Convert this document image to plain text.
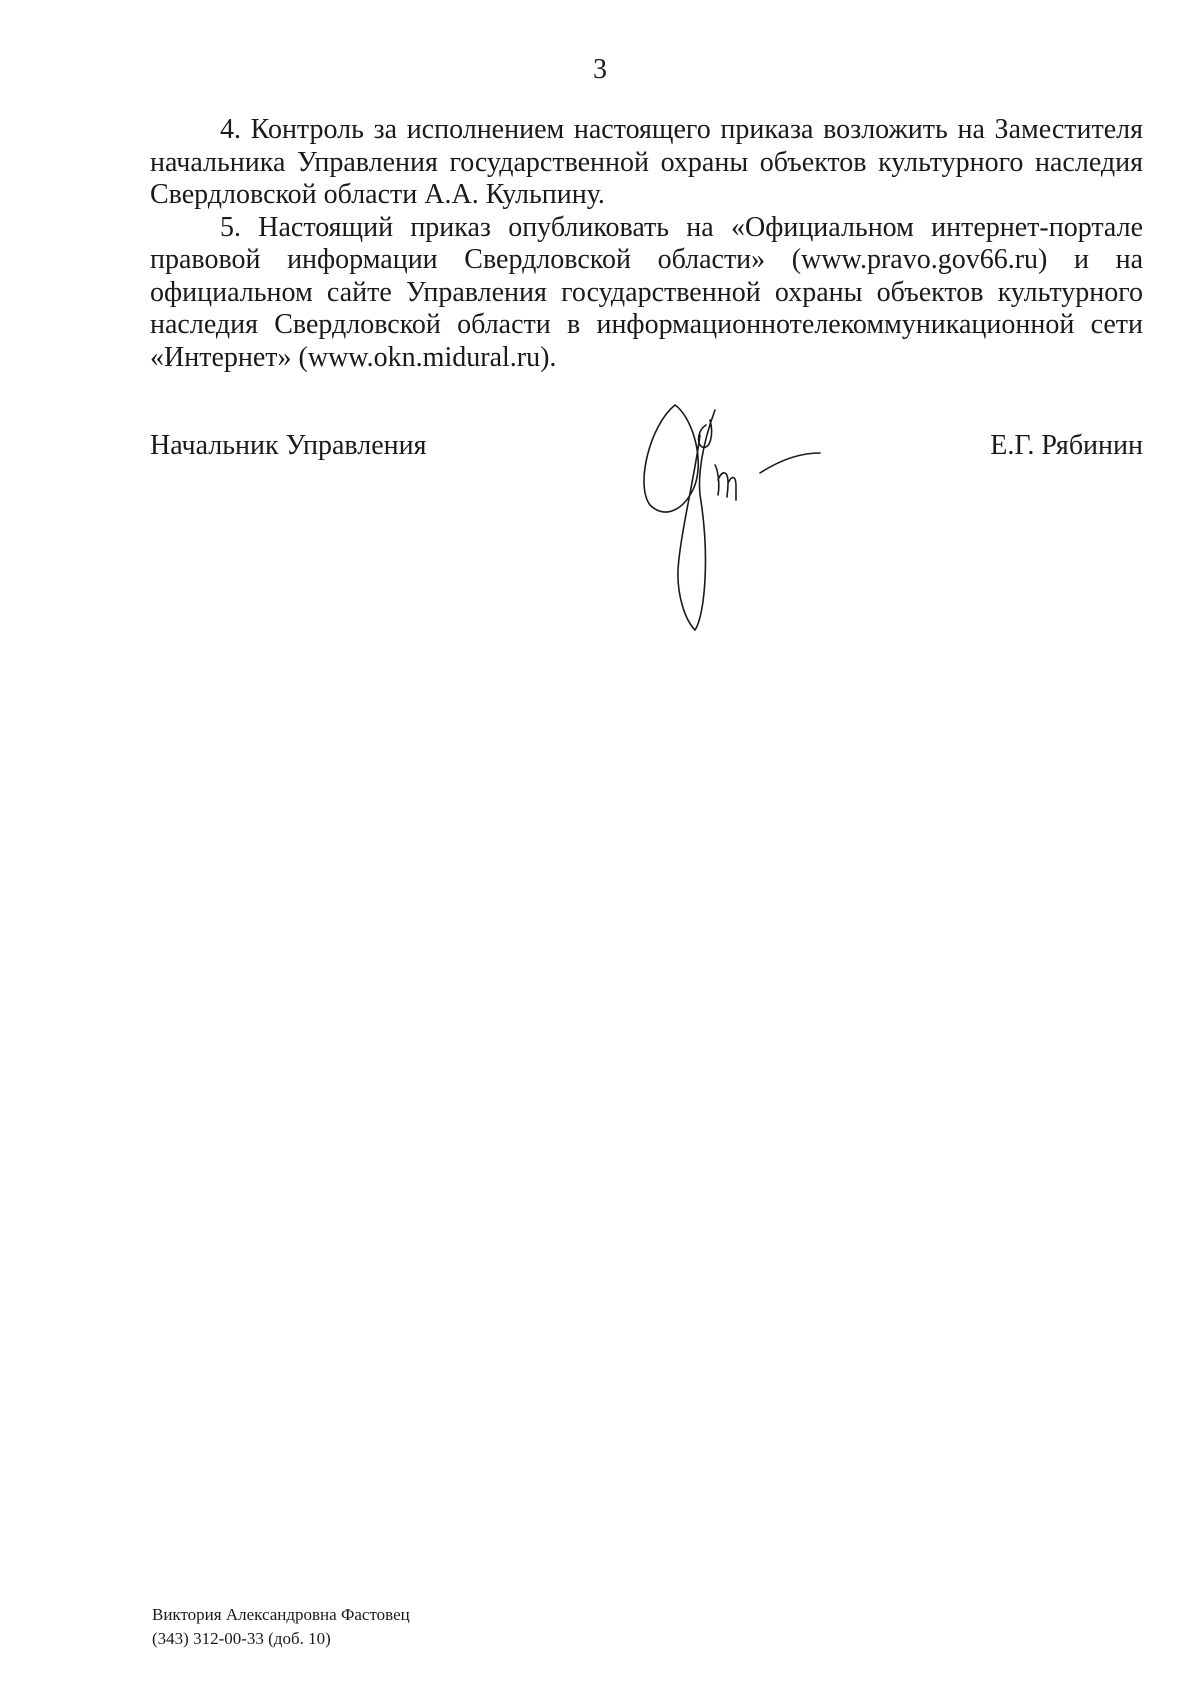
3

4. Контроль за исполнением настоящего приказа возложить на Заместителя начальника Управления государственной охраны объектов культурного наследия Свердловской области А.А. Кульпину.

5. Настоящий приказ опубликовать на «Официальном интернет-портале правовой информации Свердловской области» (www.pravo.gov66.ru) и на официальном сайте Управления государственной охраны объектов культурного наследия Свердловской области в информационнотелекоммуникационной сети «Интернет» (www.okn.midural.ru).

Начальник Управления	Е.Г. Рябинин
Виктория Александровна Фастовец
(343) 312-00-33 (доб. 10)
